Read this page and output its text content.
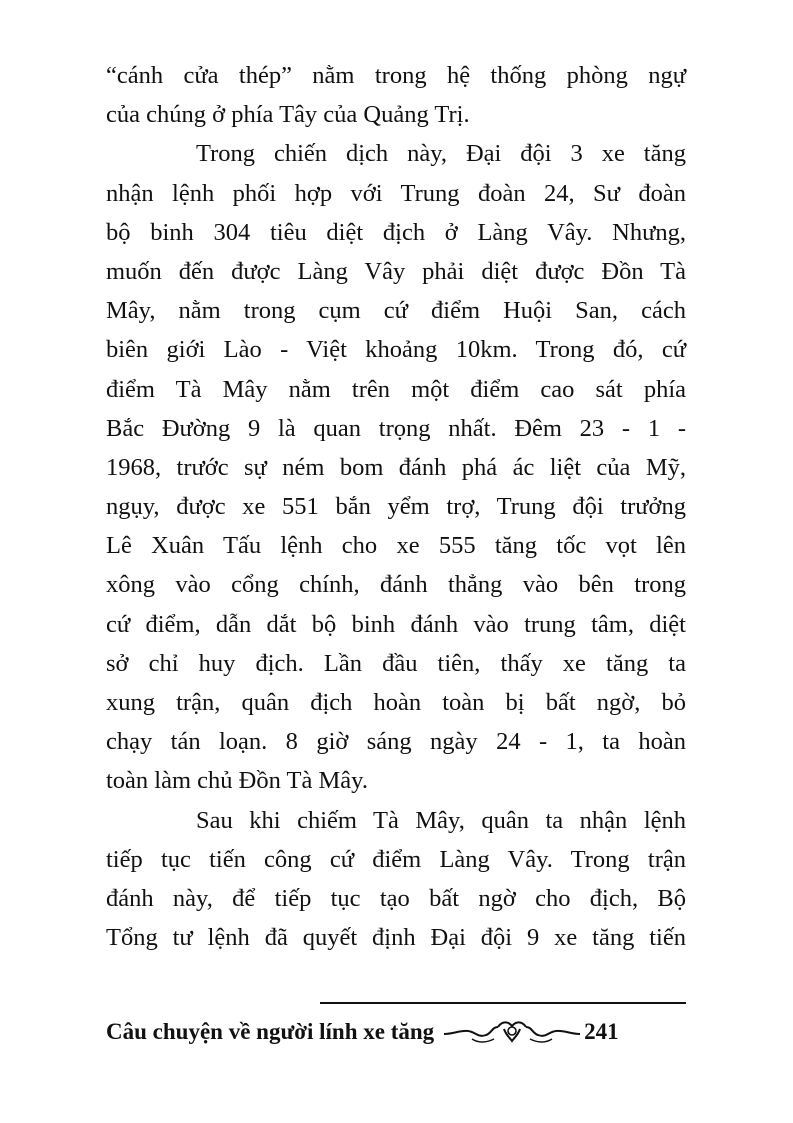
“cánh cửa thép” nằm trong hệ thống phòng ngự
của chúng ở phía Tây của Quảng Trị.
Trong chiến dịch này, Đại đội 3 xe tăng
nhận lệnh phối hợp với Trung đoàn 24, Sư đoàn
bộ binh 304 tiêu diệt địch ở Làng Vây. Nhưng,
muốn đến được Làng Vây phải diệt được Đồn Tà
Mây, nằm trong cụm cứ điểm Huội San, cách
biên giới Lào - Việt khoảng 10km. Trong đó, cứ
điểm Tà Mây nằm trên một điểm cao sát phía
Bắc Đường 9 là quan trọng nhất. Đêm 23 - 1 -
1968, trước sự ném bom đánh phá ác liệt của Mỹ,
ngụy, được xe 551 bắn yểm trợ, Trung đội trưởng
Lê Xuân Tấu lệnh cho xe 555 tăng tốc vọt lên
xông vào cổng chính, đánh thẳng vào bên trong
cứ điểm, dẫn dắt bộ binh đánh vào trung tâm, diệt
sở chỉ huy địch. Lần đầu tiên, thấy xe tăng ta
xung trận, quân địch hoàn toàn bị bất ngờ, bỏ
chạy tán loạn. 8 giờ sáng ngày 24 - 1, ta hoàn
toàn làm chủ Đồn Tà Mây.
Sau khi chiếm Tà Mây, quân ta nhận lệnh
tiếp tục tiến công cứ điểm Làng Vây. Trong trận
đánh này, để tiếp tục tạo bất ngờ cho địch, Bộ
Tổng tư lệnh đã quyết định Đại đội 9 xe tăng tiến
Câu chuyện về người lính xe tăng	241
